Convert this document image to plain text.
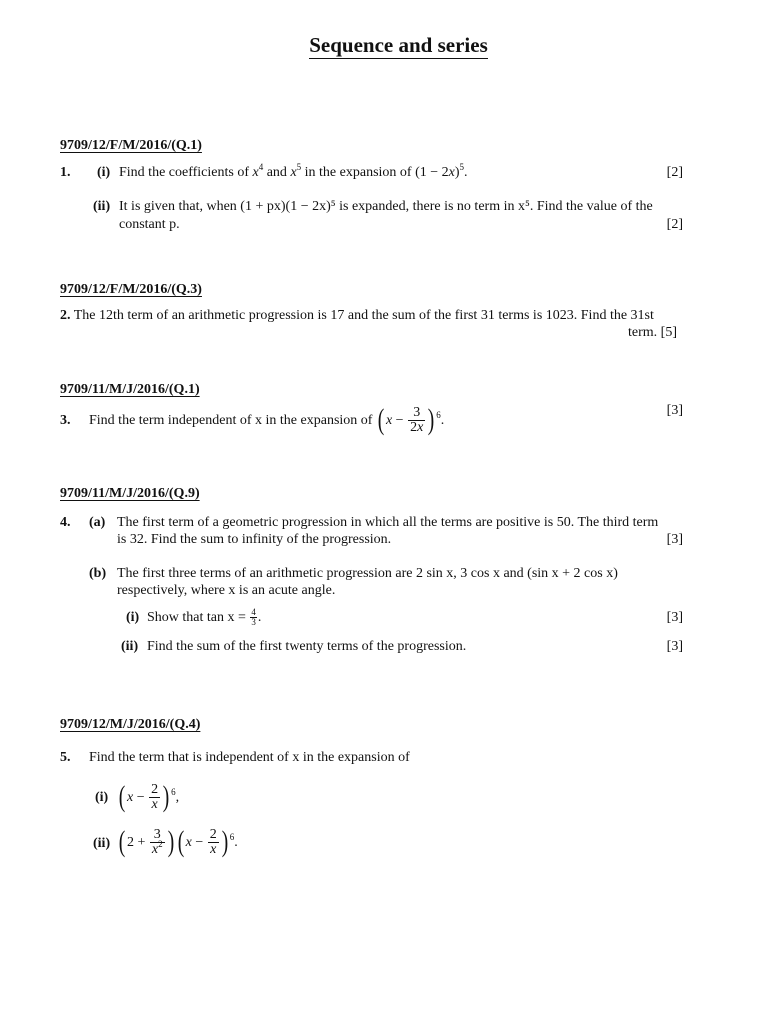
Sequence and series
9709/12/F/M/2016/(Q.1)
1. (i) Find the coefficients of $x^4$ and $x^5$ in the expansion of $(1 - 2x)^5$.	[2]
(ii) It is given that, when (1 + px)(1 − 2x)⁵ is expanded, there is no term in x⁵. Find the value of the
constant p.	[2]
9709/12/F/M/2016/(Q.3)
2. The 12th term of an arithmetic progression is 17 and the sum of the first 31 terms is 1023. Find the 31st
term. [5]
9709/11/M/J/2016/(Q.1)
3. Find the term independent of x in the expansion of
( $x - \frac{3}{2x}$ ) 6 .
[3]
9709/11/M/J/2016/(Q.9)
4. (a) The first term of a geometric progression in which all the terms are positive is 50. The third term
is 32. Find the sum to infinity of the progression.	[3]
(b) The first three terms of an arithmetic progression are 2 sin x, 3 cos x and (sin x + 2 cos x)
respectively, where x is an acute angle.
(i) Show that tan x =
$\frac{4}{3}$ .	[3]
(ii) Find the sum of the first twenty terms of the progression.	[3]
9709/12/M/J/2016/(Q.4)
5. Find the term that is independent of x in the expansion of
(i) ( $x - \frac{2}{x}$ ) 6 ,
(ii) ( $2 + \frac{3}{x^2}$ ) ( $x - \frac{2}{x}$ ) 6 .
